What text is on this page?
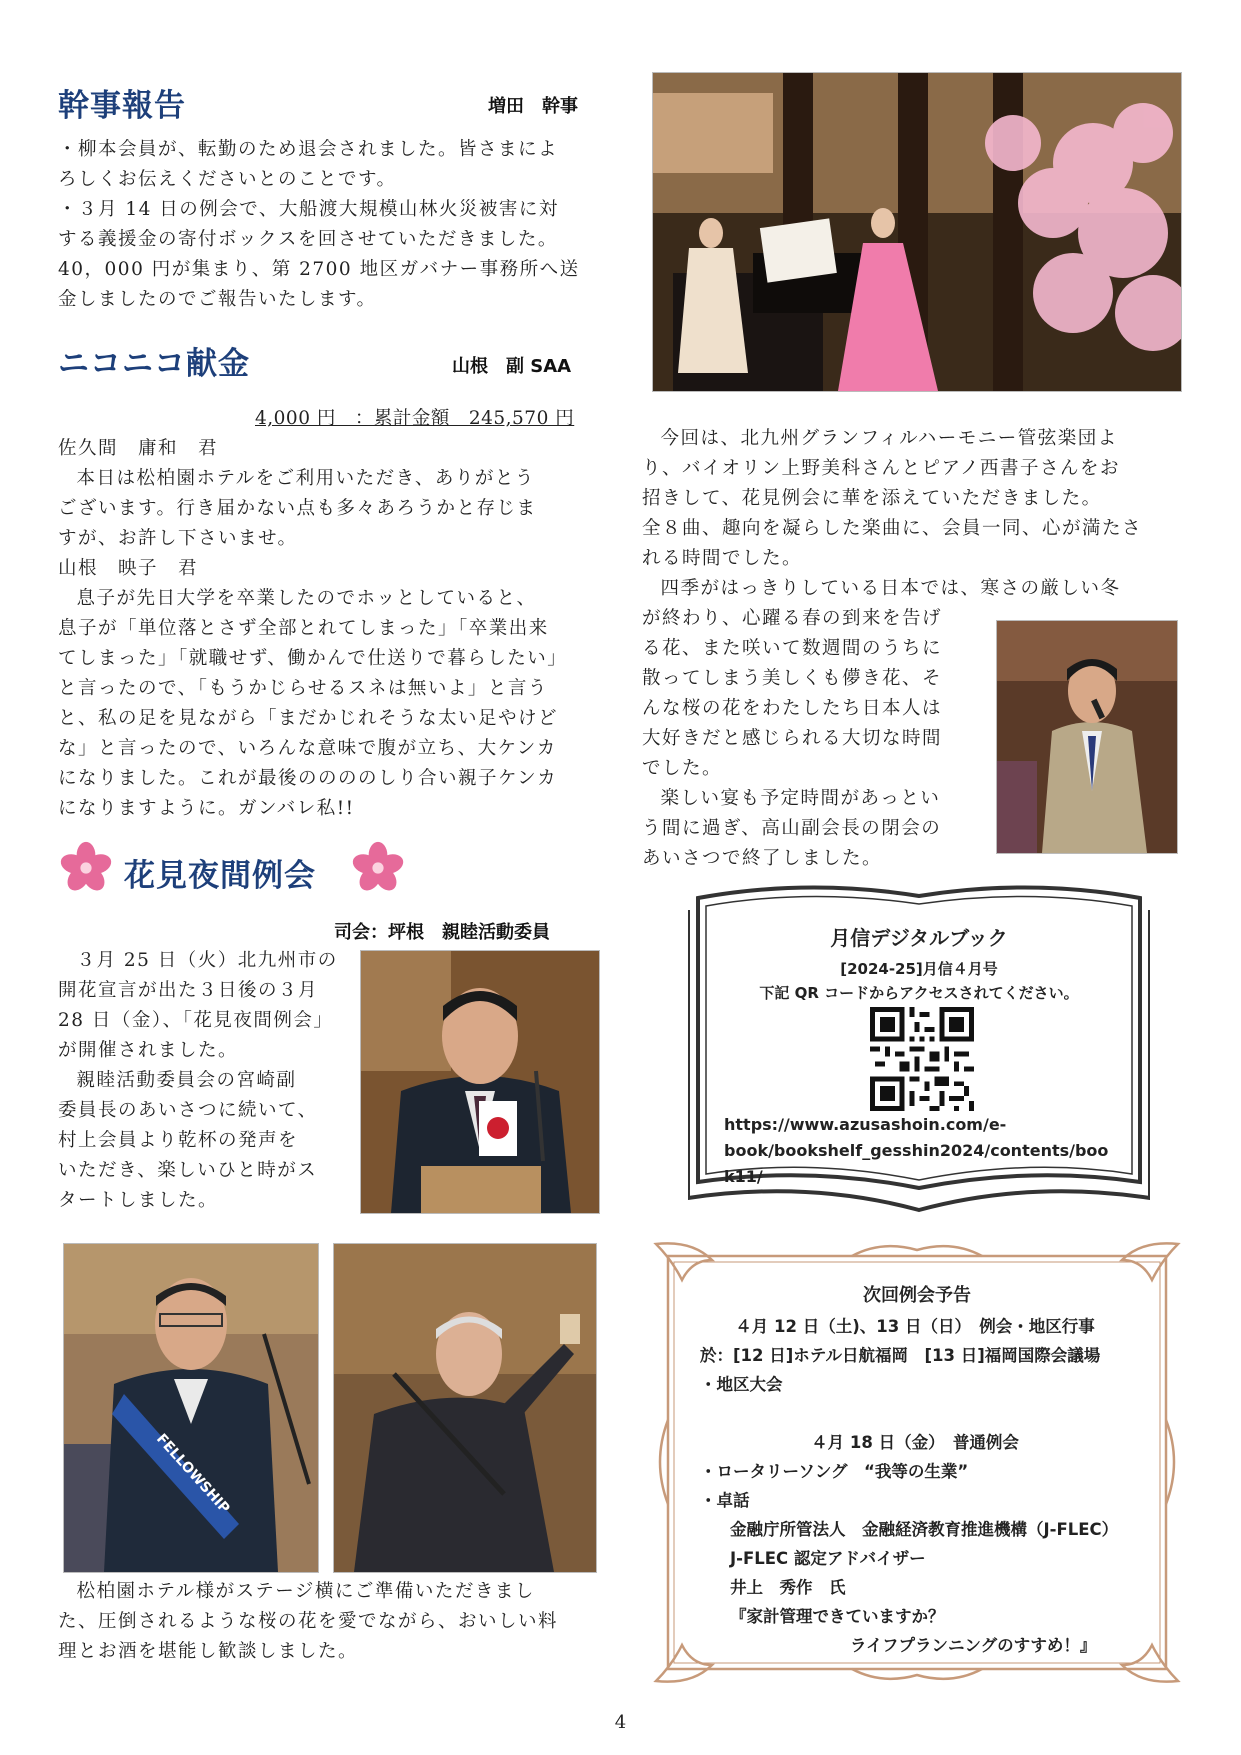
幹事報告	増田　幹事

・柳本会員が、転勤のため退会されました。皆さまによ

ろしくお伝えくださいとのことです。

・３月 14 日の例会で、大船渡大規模山林火災被害に対

する義援金の寄付ボックスを回させていただきました。

40，000 円が集まり、第 2700 地区ガバナー事務所へ送

金しましたのでご報告いたします。

ニコニコ献金	山根　副 SAA
4,000 円　：累計金額　245,570 円

佐久間　庸和　君

本日は松柏園ホテルをご利用いただき、ありがとう

ございます。行き届かない点も多々あろうかと存じま

すが、お許し下さいませ。

山根　映子　君

息子が先日大学を卒業したのでホッとしていると、

息子が「単位落とさず全部とれてしまった」「卒業出来

てしまった」「就職せず、働かんで仕送りで暮らしたい」

と言ったので、「もうかじらせるスネは無いよ」と言う

と、私の足を見ながら「まだかじれそうな太い足やけど

な」と言ったので、いろんな意味で腹が立ち、大ケンカ

になりました。これが最後ののののしり合い親子ケンカ

になりますように。ガンバレ私!!

花見夜間例会
司会：坪根　親睦活動委員

３月 25 日（火）北九州市の

開花宣言が出た３日後の３月

28 日（金）、「花見夜間例会」

が開催されました。

親睦活動委員会の宮崎副

委員長のあいさつに続いて、

村上会員より乾杯の発声を

いただき、楽しいひと時がス

タートしました。

FELLOWSHIP

松柏園ホテル様がステージ横にご準備いただきまし

た、圧倒されるような桜の花を愛でながら、おいしい料

理とお酒を堪能し歓談しました。

今回は、北九州グランフィルハーモニー管弦楽団よ

り、バイオリン上野美科さんとピアノ西書子さんをお

招きして、花見例会に華を添えていただきました。

全８曲、趣向を凝らした楽曲に、会員一同、心が満たさ

れる時間でした。

四季がはっきりしている日本では、寒さの厳しい冬

が終わり、心躍る春の到来を告げ

る花、また咲いて数週間のうちに

散ってしまう美しくも儚き花、そ

んな桜の花をわたしたち日本人は

大好きだと感じられる大切な時間

でした。

楽しい宴も予定時間があっとい

う間に過ぎ、高山副会長の閉会の

あいさつで終了しました。

月信デジタルブック
[2024-25]月信４月号
下記 QR コードからアクセスされてください。
https://www.azusashoin.com/e-
book/bookshelf_gesshin2024/contents/boo
k11/
次回例会予告
４月 12 日（土)、13 日（日）　例会・地区行事
於：[12 日]ホテル日航福岡　[13 日]福岡国際会議場
・地区大会
４月 18 日（金）　普通例会
・ロータリーソング　“我等の生業”
・卓話
金融庁所管法人　金融経済教育推進機構（J-FLEC）
J-FLEC 認定アドバイザー
井上　秀作　氏
『家計管理できていますか？
ライフプランニングのすすめ！』
4
